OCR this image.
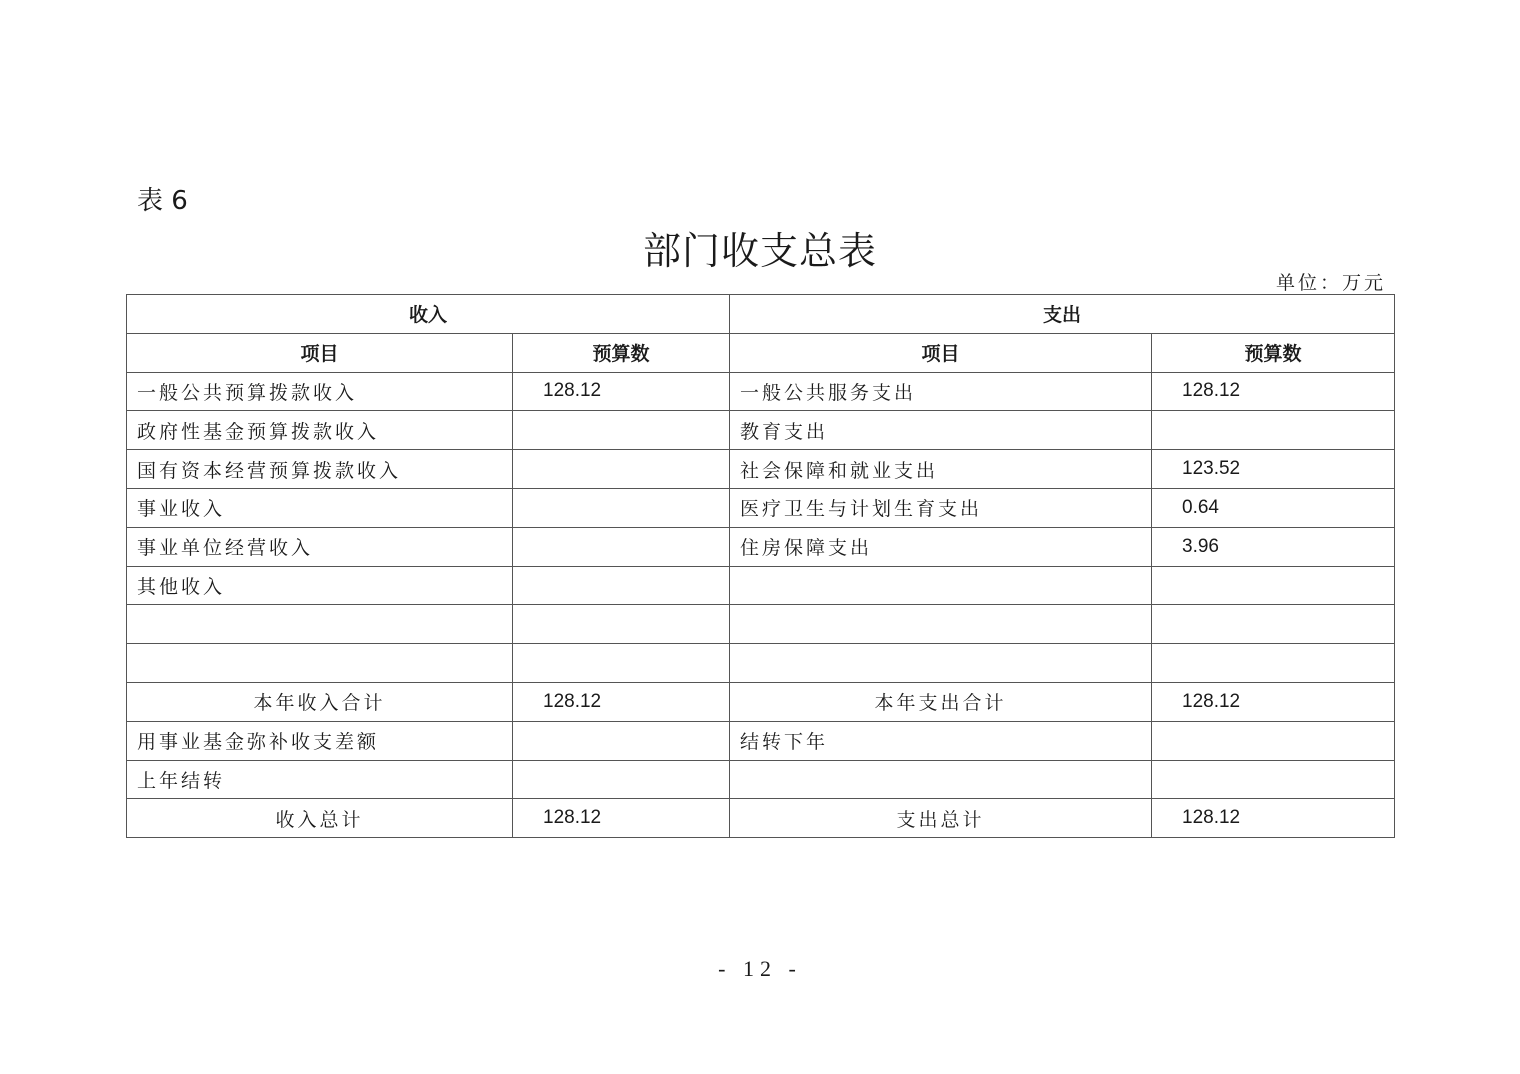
表 6
部门收支总表
单位：万元
收入		支出	
项目	预算数	项目	预算数
一般公共预算拨款收入	128.12	一般公共服务支出	128.12
政府性基金预算拨款收入		教育支出	
国有资本经营预算拨款收入		社会保障和就业支出	123.52
事业收入		医疗卫生与计划生育支出	0.64
事业单位经营收入		住房保障支出	3.96
其他收入			

本年收入合计	128.12	本年支出合计	128.12
用事业基金弥补收支差额		结转下年	
上年结转			
收入总计	128.12	支出总计	128.12
- 12 -
